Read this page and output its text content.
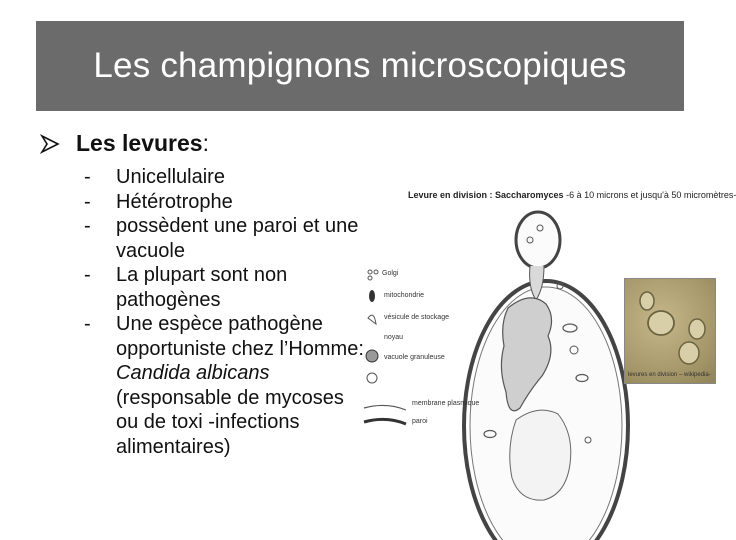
Les champignons microscopiques
Les levures :
- Unicellulaire
- Hétérotrophe
- possèdent une paroi et une vacuole
- La plupart sont non pathogènes
- Une espèce pathogène opportuniste chez l’Homme: Candida albicans (responsable de mycoses ou de toxi -infections alimentaires)
Levure en division : Saccharomyces -6 à 10 microns et jusqu'à 50 micromètres-
Golgi
mitochondrie
vésicule de stockage
noyau
vacuole granuleuse
membrane plasmique
paroi
levures en division – wikipedia-
